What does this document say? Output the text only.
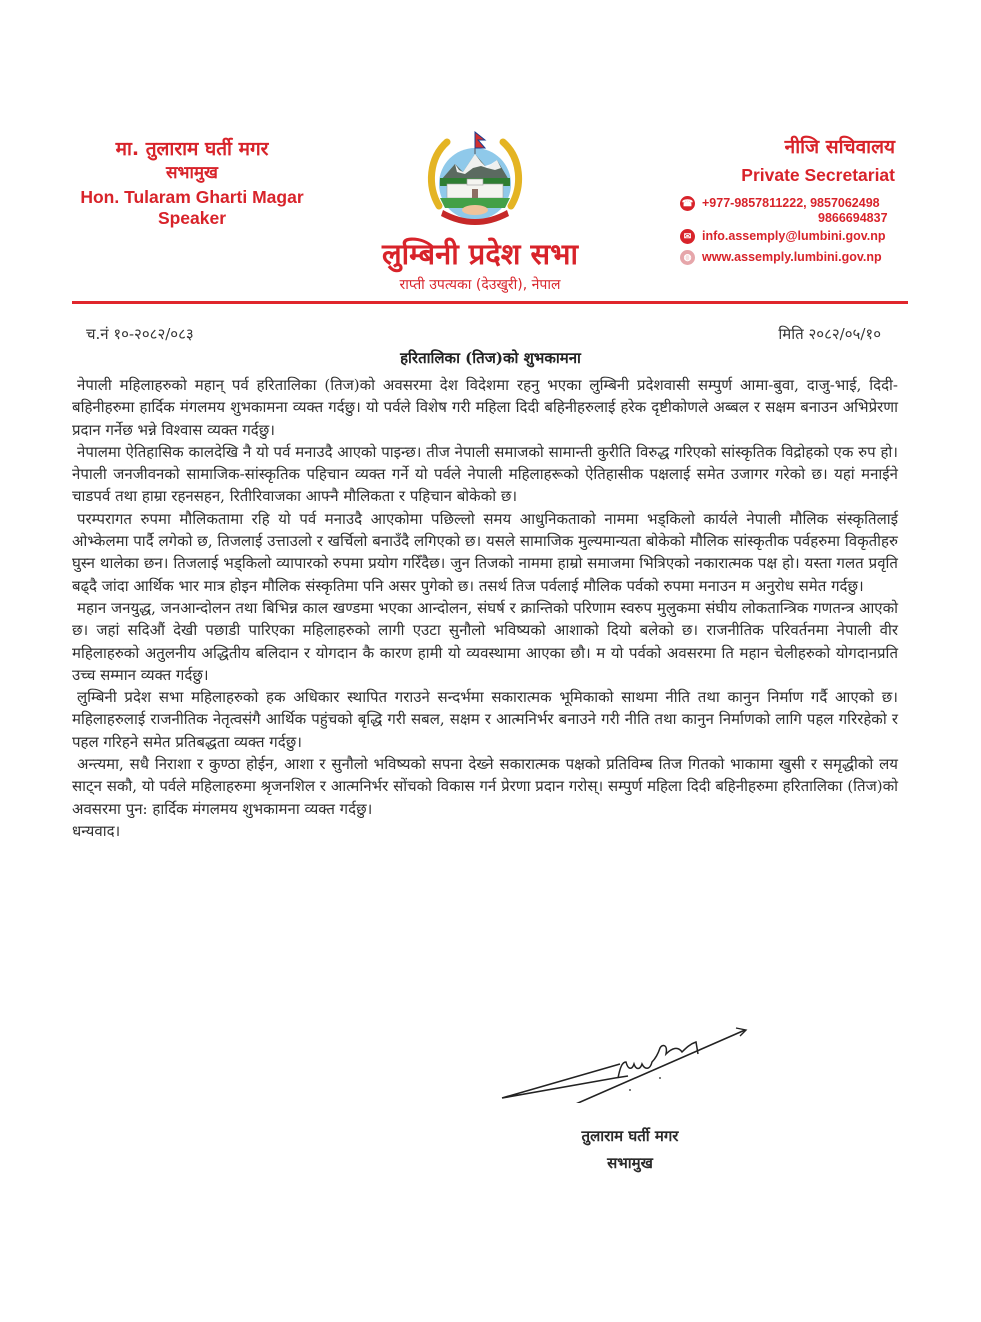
मा. तुलाराम घर्ती मगर
सभामुख
Hon. Tularam Gharti Magar
Speaker
लुम्बिनी प्रदेश सभा
राप्ती उपत्यका (देउखुरी), नेपाल
नीजि सचिवालय
Private Secretariat
☎ +977-9857811222, 9857062498
9866694837
✉ info.assemply@lumbini.gov.np
◍ www.assemply.lumbini.gov.np
च.नं १०-२०८२/०८३	मिति २०८२/०५/१०
हरितालिका (तिज)को शुभकामना

नेपाली महिलाहरुको महान् पर्व हरितालिका (तिज)को अवसरमा देश विदेशमा रहनु भएका लुम्बिनी प्रदेशवासी सम्पुर्ण आमा-बुवा, दाजु-भाई, दिदी- बहिनीहरुमा हार्दिक मंगलमय शुभकामना व्यक्त गर्दछु। यो पर्वले विशेष गरी महिला दिदी बहिनीहरुलाई हरेक दृष्टीकोणले अब्बल र सक्षम बनाउन अभिप्रेरणा प्रदान गर्नेछ भन्ने विश्वास व्यक्त गर्दछु।

नेपालमा ऐतिहासिक कालदेखि नै यो पर्व मनाउदै आएको पाइन्छ। तीज नेपाली समाजको सामान्ती कुरीति विरुद्ध गरिएको सांस्कृतिक विद्रोहको एक रुप हो। नेपाली जनजीवनको सामाजिक-सांस्कृतिक पहिचान व्यक्त गर्ने यो पर्वले नेपाली महिलाहरूको ऐतिहासीक पक्षलाई समेत उजागर गरेको छ। यहां मनाईने चाडपर्व तथा हाम्रा रहनसहन, रितीरिवाजका आफ्नै मौलिकता र पहिचान बोकेको छ।

परम्परागत रुपमा मौलिकतामा रहि यो पर्व मनाउदै आएकोमा पछिल्लो समय आधुनिकताको नाममा भड्किलो कार्यले नेपाली मौलिक संस्कृतिलाई ओभ्केलमा पार्दै लगेको छ, तिजलाई उत्ताउलो र खर्चिलो बनाउँदै लगिएको छ। यसले सामाजिक मुल्यमान्यता बोकेको मौलिक सांस्कृतीक पर्वहरुमा विकृतीहरु घुस्न थालेका छन। तिजलाई भड्किलो व्यापारको रुपमा प्रयोग गरिँदैछ। जुन तिजको नाममा हाम्रो समाजमा भित्रिएको नकारात्मक पक्ष हो। यस्ता गलत प्रवृति बढ्दै जांदा आर्थिक भार मात्र होइन मौलिक संस्कृतिमा पनि असर पुगेको छ। तसर्थ तिज पर्वलाई मौलिक पर्वको रुपमा मनाउन म अनुरोध समेत गर्दछु।

महान जनयुद्ध, जनआन्दोलन तथा बिभिन्न काल खण्डमा भएका आन्दोलन, संघर्ष र क्रान्तिको परिणाम स्वरुप मुलुकमा संघीय लोकतान्त्रिक गणतन्त्र आएको छ। जहां सदिऔं देखी पछाडी पारिएका महिलाहरुको लागी एउटा सुनौलो भविष्यको आशाको दियो बलेको छ। राजनीतिक परिवर्तनमा नेपाली वीर महिलाहरुको अतुलनीय अद्धितीय बलिदान र योगदान कै कारण हामी यो व्यवस्थामा आएका छौ। म यो पर्वको अवसरमा ति महान चेलीहरुको योगदानप्रति उच्च सम्मान व्यक्त गर्दछु।

लुम्बिनी प्रदेश सभा महिलाहरुको हक अधिकार स्थापित गराउने सन्दर्भमा सकारात्मक भूमिकाको साथमा नीति तथा कानुन निर्माण गर्दै आएको छ। महिलाहरुलाई राजनीतिक नेतृत्वसंगै आर्थिक पहुंचको बृद्धि गरी सबल, सक्षम र आत्मनिर्भर बनाउने गरी नीति तथा कानुन निर्माणको लागि पहल गरिरहेको र पहल गरिहने समेत प्रतिबद्धता व्यक्त गर्दछु।

अन्त्यमा, सधै निराशा र कुण्ठा होईन, आशा र सुनौलो भविष्यको सपना देख्ने सकारात्मक पक्षको प्रतिविम्ब तिज गितको भाकामा खुसी र समृद्धीको लय साट्न सकौ, यो पर्वले महिलाहरुमा श्रृजनशिल र आत्मनिर्भर सोंचको विकास गर्न प्रेरणा प्रदान गरोस्। सम्पुर्ण महिला दिदी बहिनीहरुमा हरितालिका (तिज)को अवसरमा पुन: हार्दिक मंगलमय शुभकामना व्यक्त गर्दछु।

धन्यवाद।

तुलाराम घर्ती मगर
सभामुख
